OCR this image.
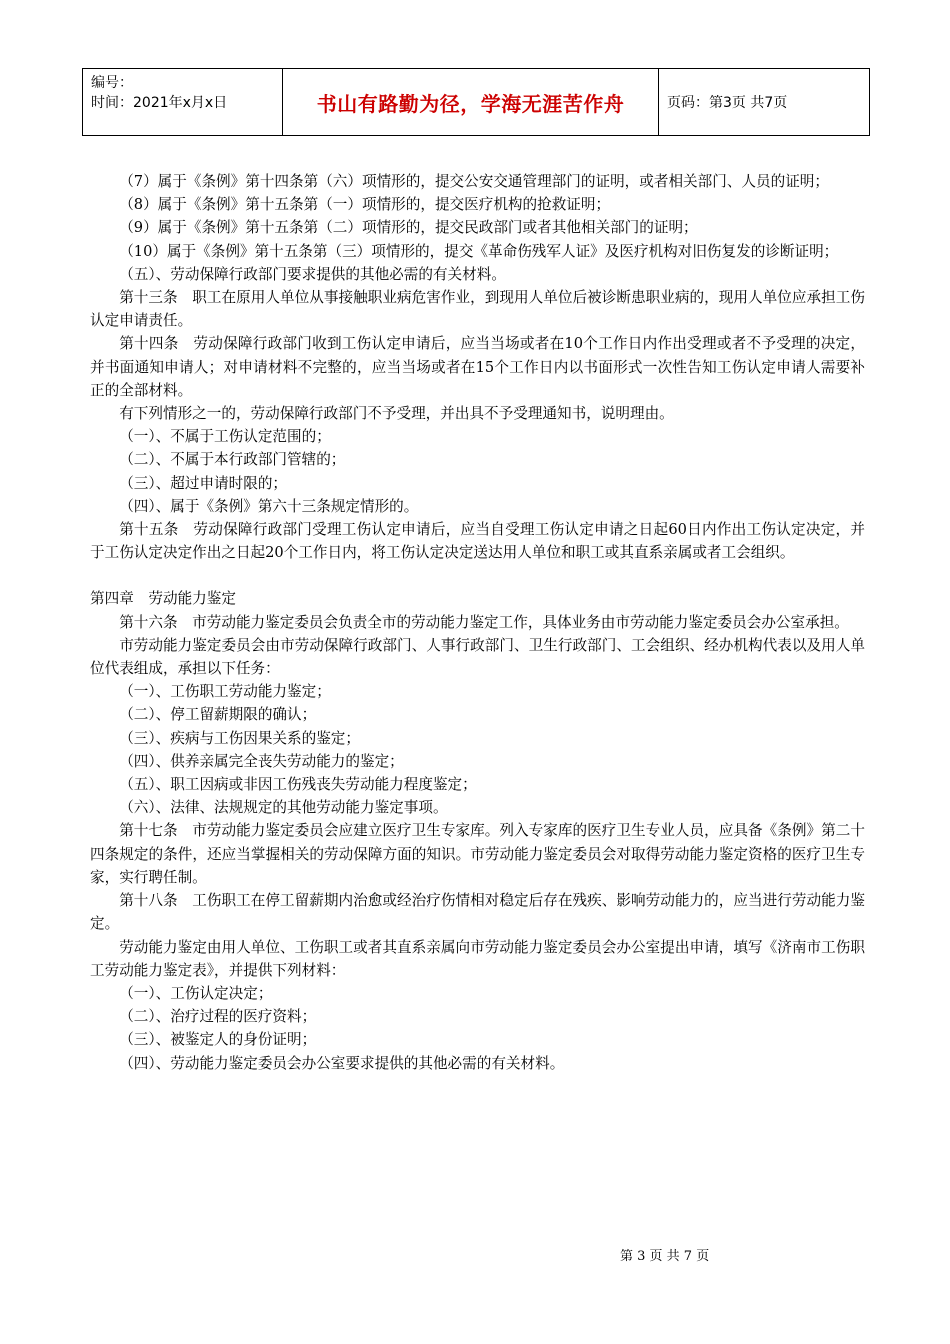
编号：
时间：2021年x月x日	书山有路勤为径，学海无涯苦作舟	页码：第3页 共7页

（7）属于《条例》第十四条第（六）项情形的，提交公安交通管理部门的证明，或者相关部门、人员的证明；

（8）属于《条例》第十五条第（一）项情形的，提交医疗机构的抢救证明；

（9）属于《条例》第十五条第（二）项情形的，提交民政部门或者其他相关部门的证明；

（10）属于《条例》第十五条第（三）项情形的，提交《革命伤残军人证》及医疗机构对旧伤复发的诊断证明；

（五）、劳动保障行政部门要求提供的其他必需的有关材料。

第十三条　职工在原用人单位从事接触职业病危害作业，到现用人单位后被诊断患职业病的，现用人单位应承担工伤认定申请责任。

第十四条　劳动保障行政部门收到工伤认定申请后，应当当场或者在10个工作日内作出受理或者不予受理的决定，并书面通知申请人；对申请材料不完整的，应当当场或者在15个工作日内以书面形式一次性告知工伤认定申请人需要补正的全部材料。

有下列情形之一的，劳动保障行政部门不予受理，并出具不予受理通知书，说明理由。

（一）、不属于工伤认定范围的；

（二）、不属于本行政部门管辖的；

（三）、超过申请时限的；

（四）、属于《条例》第六十三条规定情形的。

第十五条　劳动保障行政部门受理工伤认定申请后，应当自受理工伤认定申请之日起60日内作出工伤认定决定，并于工伤认定决定作出之日起20个工作日内，将工伤认定决定送达用人单位和职工或其直系亲属或者工会组织。

第四章　劳动能力鉴定

第十六条　市劳动能力鉴定委员会负责全市的劳动能力鉴定工作，具体业务由市劳动能力鉴定委员会办公室承担。

市劳动能力鉴定委员会由市劳动保障行政部门、人事行政部门、卫生行政部门、工会组织、经办机构代表以及用人单位代表组成，承担以下任务：

（一）、工伤职工劳动能力鉴定；

（二）、停工留薪期限的确认；

（三）、疾病与工伤因果关系的鉴定；

（四）、供养亲属完全丧失劳动能力的鉴定；

（五）、职工因病或非因工伤残丧失劳动能力程度鉴定；

（六）、法律、法规规定的其他劳动能力鉴定事项。

第十七条　市劳动能力鉴定委员会应建立医疗卫生专家库。列入专家库的医疗卫生专业人员，应具备《条例》第二十四条规定的条件，还应当掌握相关的劳动保障方面的知识。市劳动能力鉴定委员会对取得劳动能力鉴定资格的医疗卫生专家，实行聘任制。

第十八条　工伤职工在停工留薪期内治愈或经治疗伤情相对稳定后存在残疾、影响劳动能力的，应当进行劳动能力鉴定。

劳动能力鉴定由用人单位、工伤职工或者其直系亲属向市劳动能力鉴定委员会办公室提出申请，填写《济南市工伤职工劳动能力鉴定表》，并提供下列材料：

（一）、工伤认定决定；

（二）、治疗过程的医疗资料；

（三）、被鉴定人的身份证明；

（四）、劳动能力鉴定委员会办公室要求提供的其他必需的有关材料。

第 3 页 共 7 页
